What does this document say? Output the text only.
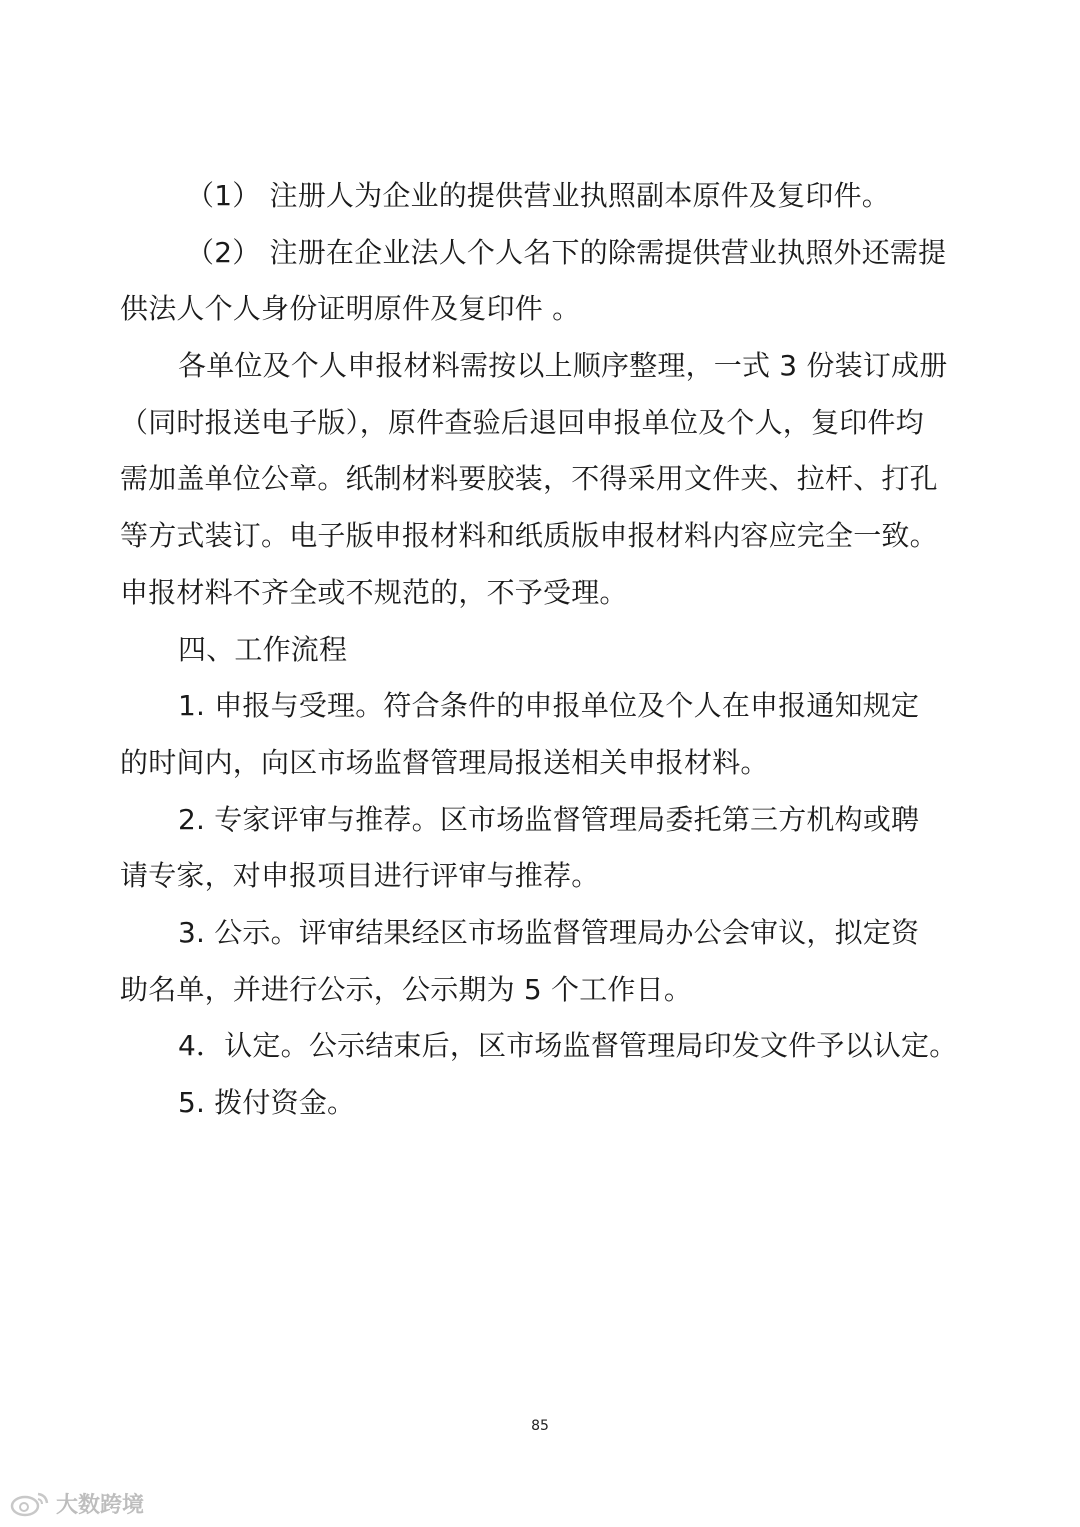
（1） 注册人为企业的提供营业执照副本原件及复印件。
（2） 注册在企业法人个人名下的除需提供营业执照外还需提
供法人个人身份证明原件及复印件 。
各单位及个人申报材料需按以上顺序整理，一式 3 份装订成册
（同时报送电子版），原件查验后退回申报单位及个人，复印件均
需加盖单位公章。纸制材料要胶装，不得采用文件夹、拉杆、打孔
等方式装订。电子版申报材料和纸质版申报材料内容应完全一致。
申报材料不齐全或不规范的，不予受理。
四、工作流程
1. 申报与受理。符合条件的申报单位及个人在申报通知规定
的时间内，向区市场监督管理局报送相关申报材料。
2. 专家评审与推荐。区市场监督管理局委托第三方机构或聘
请专家，对申报项目进行评审与推荐。
3. 公示。评审结果经区市场监督管理局办公会审议，拟定资
助名单，并进行公示，公示期为 5 个工作日。
4．认定。公示结束后，区市场监督管理局印发文件予以认定。
5. 拨付资金。
85
大数跨境
